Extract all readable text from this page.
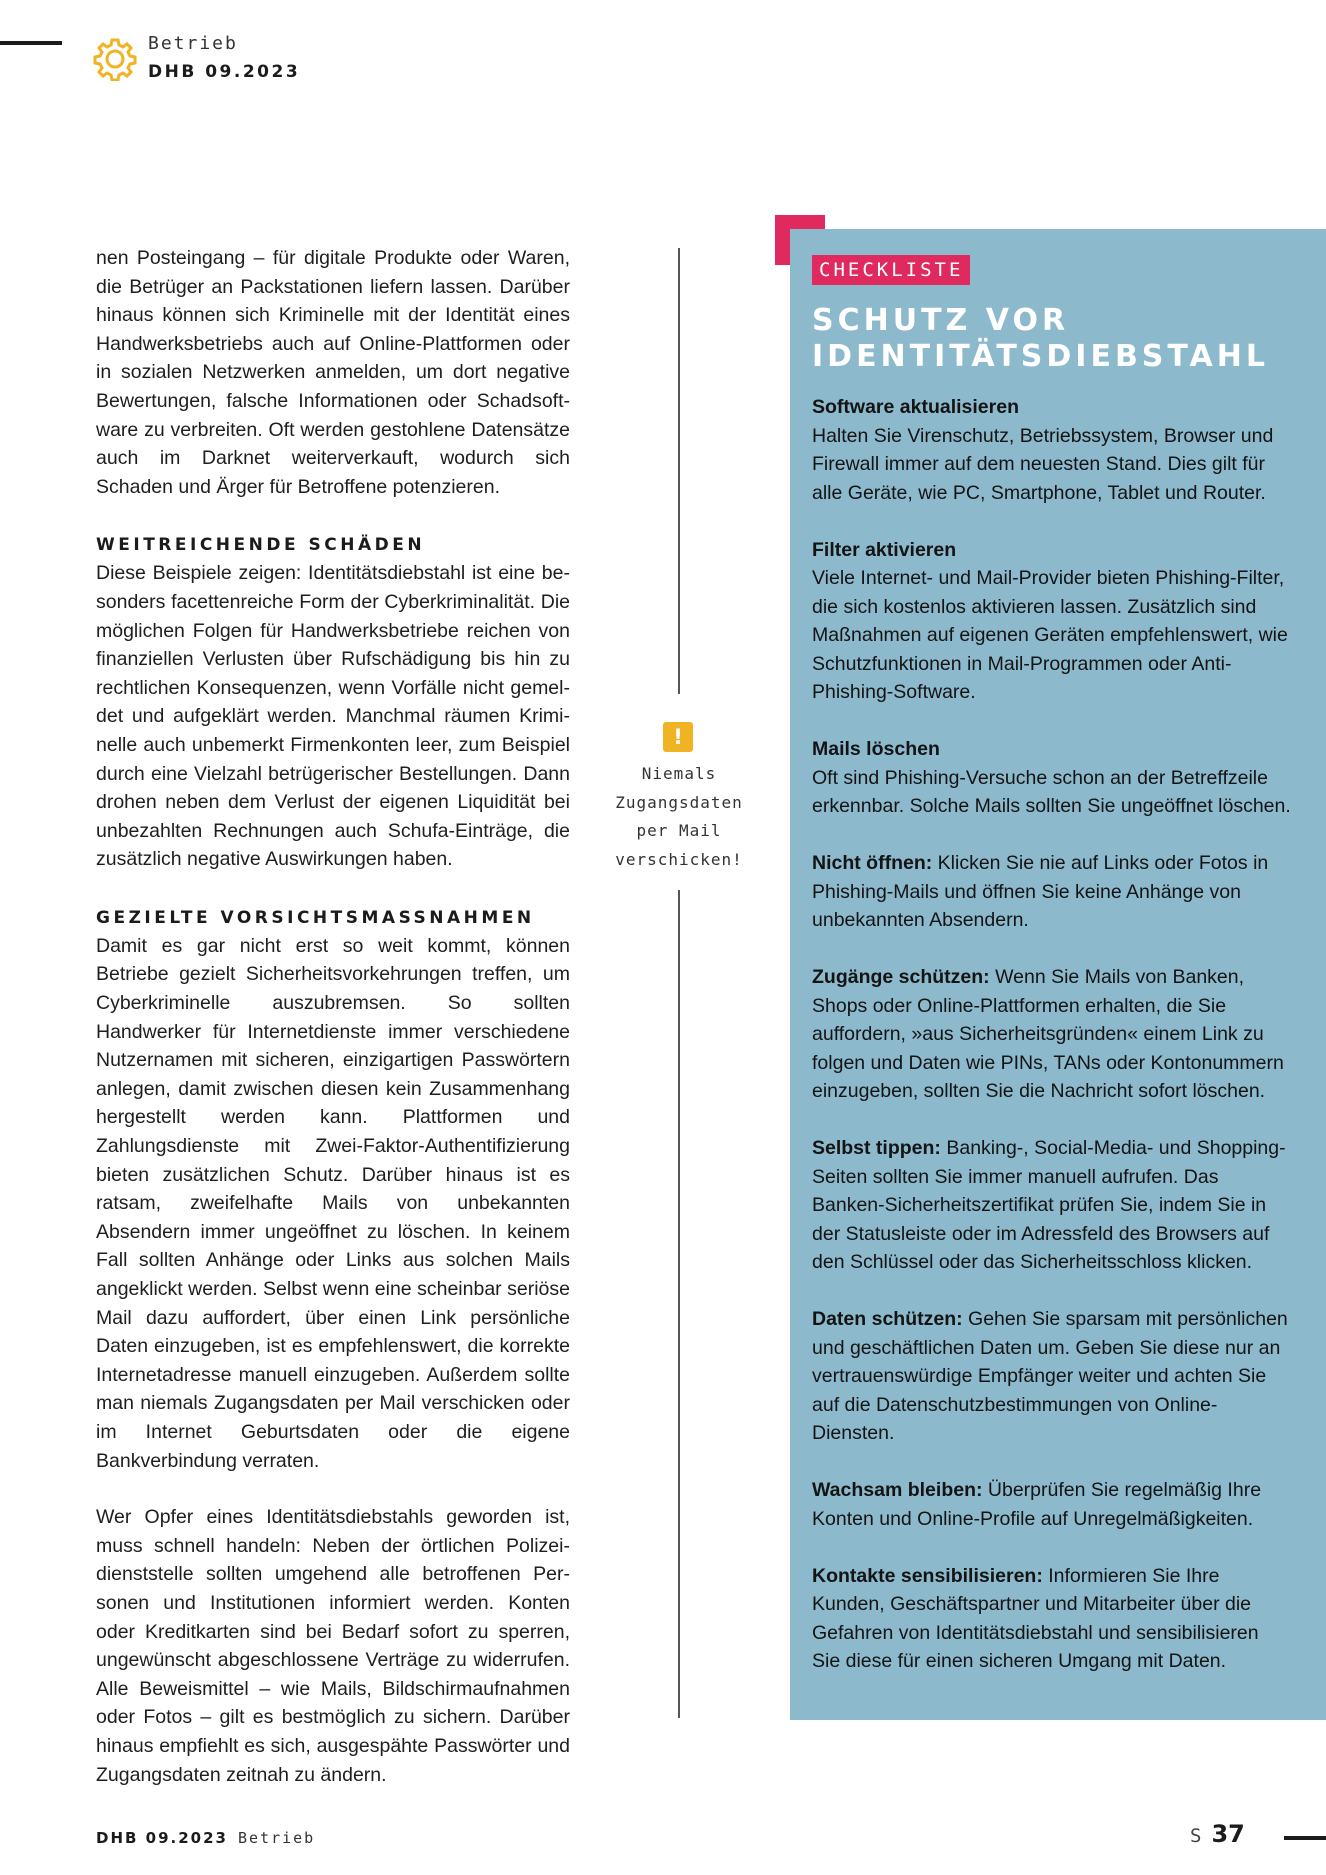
Betrieb
DHB 09.2023

nen Posteingang – für digitale Produkte oder Waren, die Betrüger an Packstationen liefern lassen. Darüber hinaus können sich Kriminelle mit der Identität eines Handwerksbetriebs auch auf Online-Plattformen oder in sozialen Netzwerken anmelden, um dort negative Bewertungen, falsche Informationen oder Schadsoftware zu verbreiten. Oft werden gestohlene Datensätze auch im Darknet weiterverkauft, wodurch sich Schaden und Ärger für Betroffene potenzieren.

WEITREICHENDE SCHÄDEN

Diese Beispiele zeigen: Identitätsdiebstahl ist eine besonders facettenreiche Form der Cyberkriminalität. Die möglichen Folgen für Handwerksbetriebe reichen von finanziellen Verlusten über Rufschädigung bis hin zu rechtlichen Konsequenzen, wenn Vorfälle nicht gemeldet und aufgeklärt werden. Manchmal räumen Kriminelle auch unbemerkt Firmenkonten leer, zum Beispiel durch eine Vielzahl betrügerischer Bestellungen. Dann drohen neben dem Verlust der eigenen Liquidität bei unbezahlten Rechnungen auch Schufa-Einträge, die zusätzlich negative Auswirkungen haben.

GEZIELTE VORSICHTSMASSNAHMEN

Damit es gar nicht erst so weit kommt, können Betriebe gezielt Sicherheitsvorkehrungen treffen, um Cyberkriminelle auszubremsen. So sollten Handwerker für Internetdienste immer verschiedene Nutzernamen mit sicheren, einzigartigen Passwörtern anlegen, damit zwischen diesen kein Zusammenhang hergestellt werden kann. Plattformen und Zahlungsdienste mit Zwei-Faktor-Authentifizierung bieten zusätzlichen Schutz. Darüber hinaus ist es ratsam, zweifelhafte Mails von unbekannten Absendern immer ungeöffnet zu löschen. In keinem Fall sollten Anhänge oder Links aus solchen Mails angeklickt werden. Selbst wenn eine scheinbar seriöse Mail dazu auffordert, über einen Link persönliche Daten einzugeben, ist es empfehlenswert, die korrekte Internetadresse manuell einzugeben. Außerdem sollte man niemals Zugangsdaten per Mail verschicken oder im Internet Geburtsdaten oder die eigene Bankverbindung verraten.

Wer Opfer eines Identitätsdiebstahls geworden ist, muss schnell handeln: Neben der örtlichen Polizeidienststelle sollten umgehend alle betroffenen Personen und Institutionen informiert werden. Konten oder Kreditkarten sind bei Bedarf sofort zu sperren, ungewünscht abgeschlossene Verträge zu widerrufen. Alle Beweismittel – wie Mails, Bildschirmaufnahmen oder Fotos – gilt es bestmöglich zu sichern. Darüber hinaus empfiehlt es sich, ausgespähte Passwörter und Zugangsdaten zeitnah zu ändern.

!
Niemals
Zugangsdaten
per Mail
verschicken!
CHECKLISTE
SCHUTZ VOR
IDENTITÄTSDIEBSTAHL
Software aktualisieren
Halten Sie Virenschutz, Betriebssystem, Browser und Firewall immer auf dem neuesten Stand. Dies gilt für alle Geräte, wie PC, Smartphone, Tablet und Router.
Filter aktivieren
Viele Internet- und Mail-Provider bieten Phishing-Filter, die sich kostenlos aktivieren lassen. Zusätzlich sind Maßnahmen auf eigenen Geräten empfehlenswert, wie Schutzfunktionen in Mail-Programmen oder Anti-Phishing-Software.
Mails löschen
Oft sind Phishing-Versuche schon an der Betreffzeile erkennbar. Solche Mails sollten Sie ungeöffnet löschen.
Nicht öffnen: Klicken Sie nie auf Links oder Fotos in Phishing-Mails und öffnen Sie keine Anhänge von unbekannten Absendern.
Zugänge schützen: Wenn Sie Mails von Banken, Shops oder Online-Plattformen erhalten, die Sie auffordern, »aus Sicherheitsgründen« einem Link zu folgen und Daten wie PINs, TANs oder Kontonummern einzugeben, sollten Sie die Nachricht sofort löschen.
Selbst tippen: Banking-, Social-Media- und Shopping-Seiten sollten Sie immer manuell aufrufen. Das Banken-Sicherheitszertifikat prüfen Sie, indem Sie in der Statusleiste oder im Adressfeld des Browsers auf den Schlüssel oder das Sicherheitsschloss klicken.
Daten schützen: Gehen Sie sparsam mit persönlichen und geschäftlichen Daten um. Geben Sie diese nur an vertrauenswürdige Empfänger weiter und achten Sie auf die Datenschutzbestimmungen von Online-Diensten.
Wachsam bleiben: Überprüfen Sie regelmäßig Ihre Konten und Online-Profile auf Unregelmäßigkeiten.
Kontakte sensibilisieren: Informieren Sie Ihre Kunden, Geschäftspartner und Mitarbeiter über die Gefahren von Identitätsdiebstahl und sensibilisieren Sie diese für einen sicheren Umgang mit Daten.
DHB 09.2023 Betrieb	S 37
